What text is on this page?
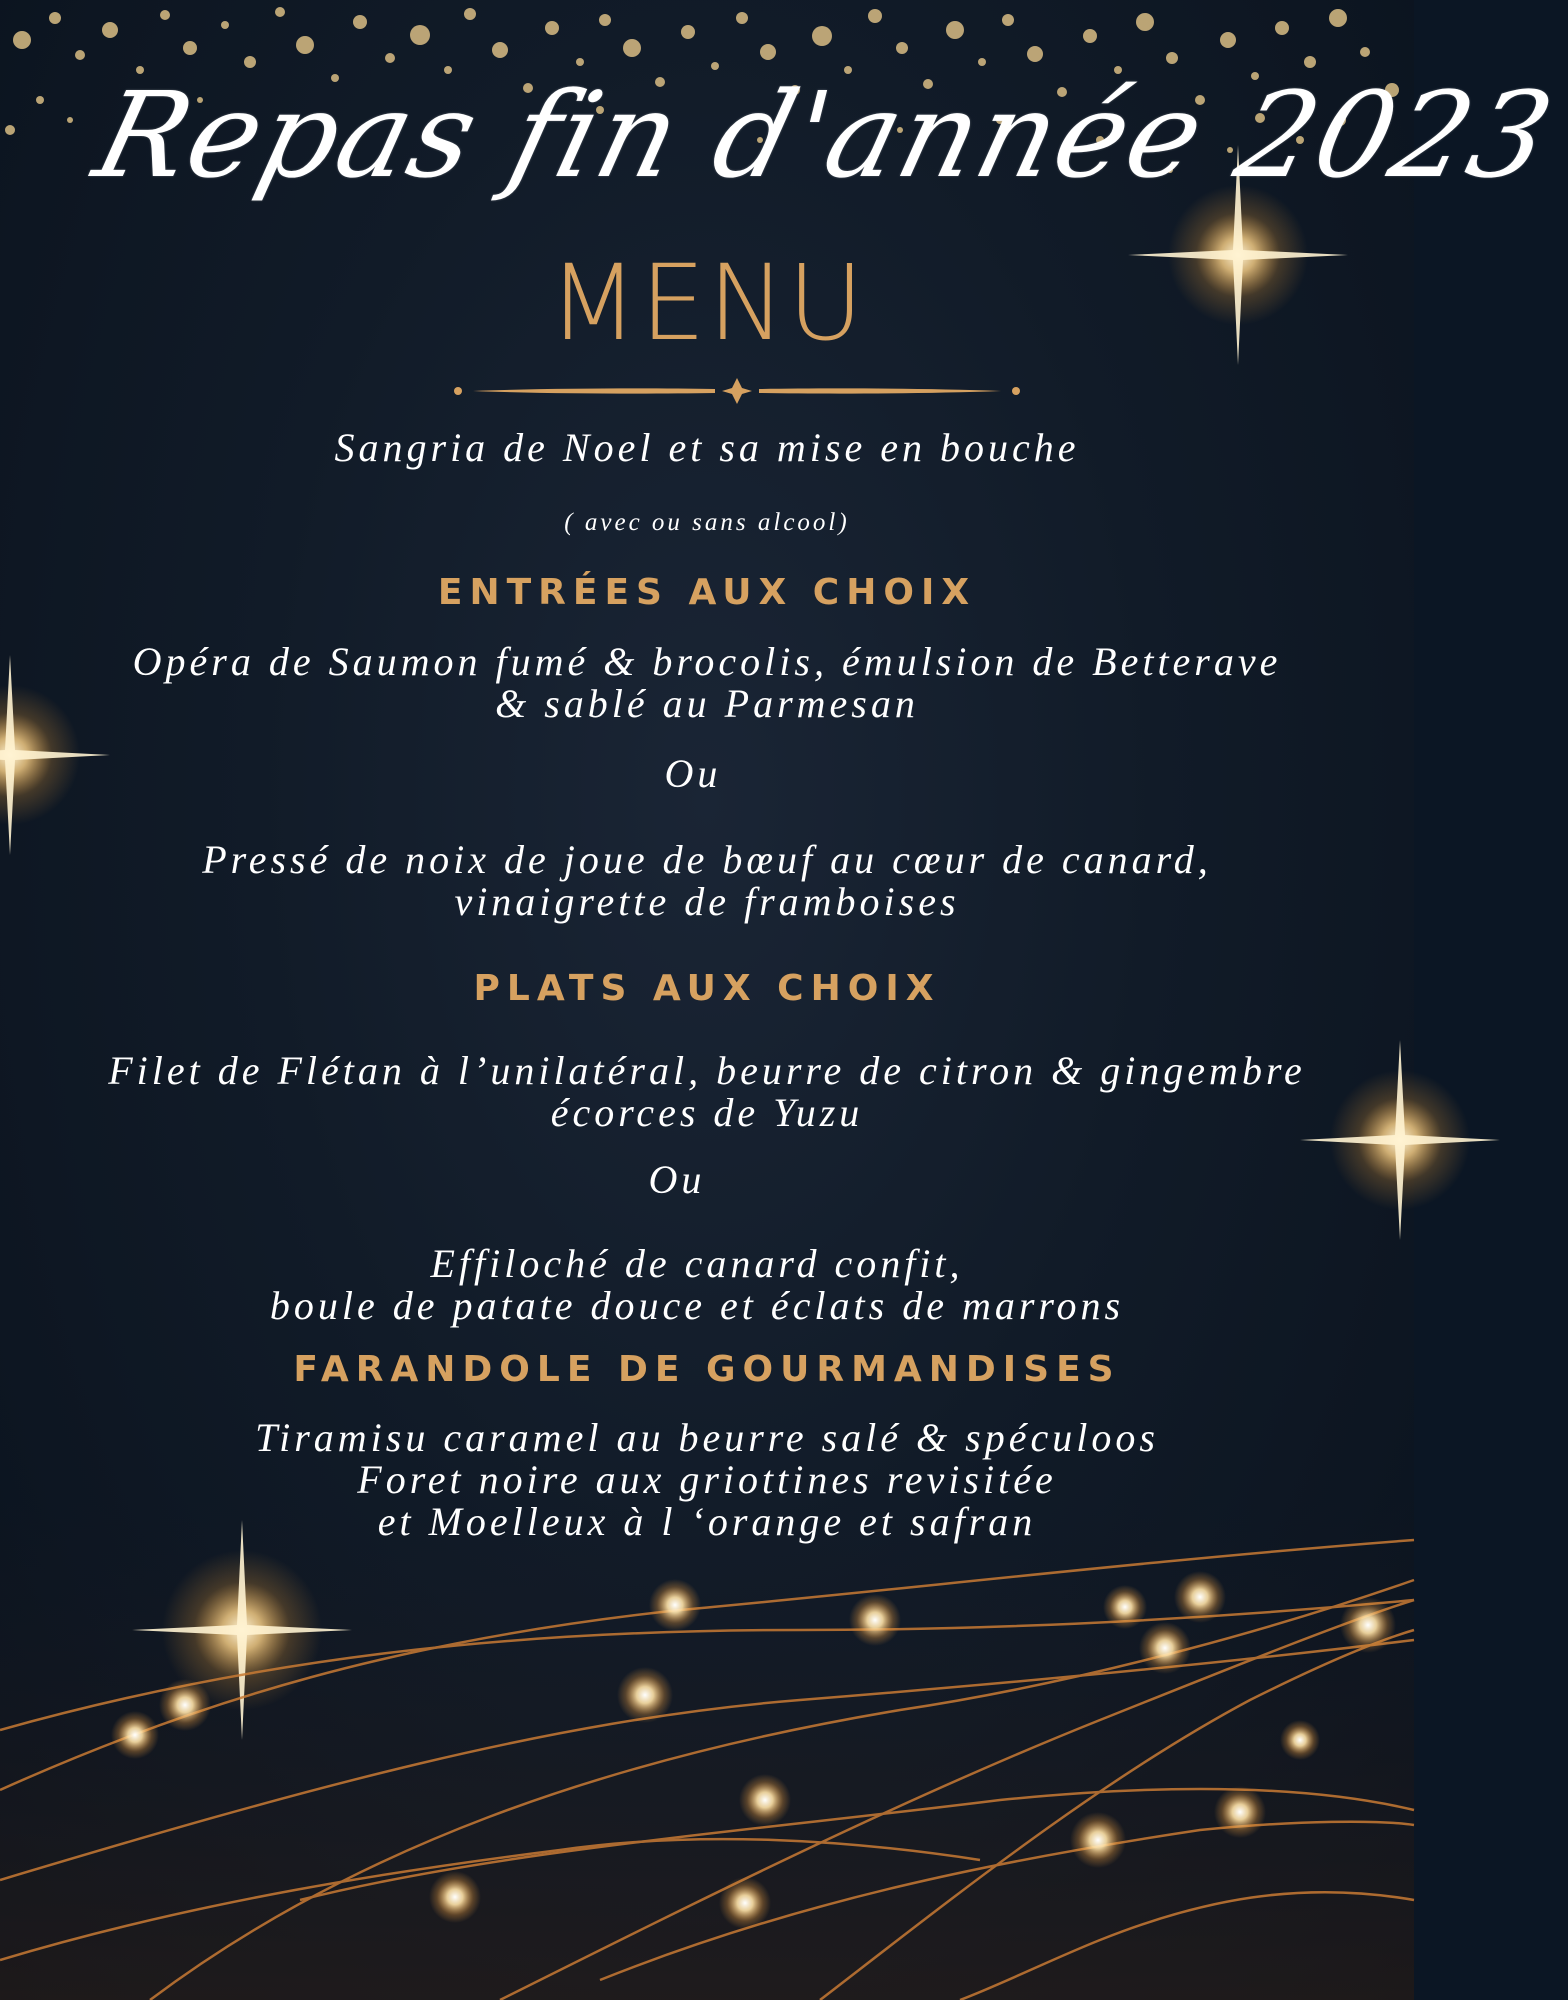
Repas fin d'année 2023
MENU
Sangria de Noel et sa mise en bouche
( avec ou sans alcool)
ENTRÉES AUX CHOIX
Opéra de Saumon fumé & brocolis, émulsion de Betterave
& sablé au Parmesan
Ou
Pressé de noix de joue de bœuf au cœur de canard,
vinaigrette de framboises
PLATS AUX CHOIX
Filet de Flétan à l’unilatéral, beurre de citron & gingembre
écorces de Yuzu
Ou
Effiloché de canard confit,
boule de patate douce et éclats de marrons
FARANDOLE DE GOURMANDISES
Tiramisu caramel au beurre salé & spéculoos
Foret noire aux griottines revisitée
et Moelleux à l ‘orange et safran
